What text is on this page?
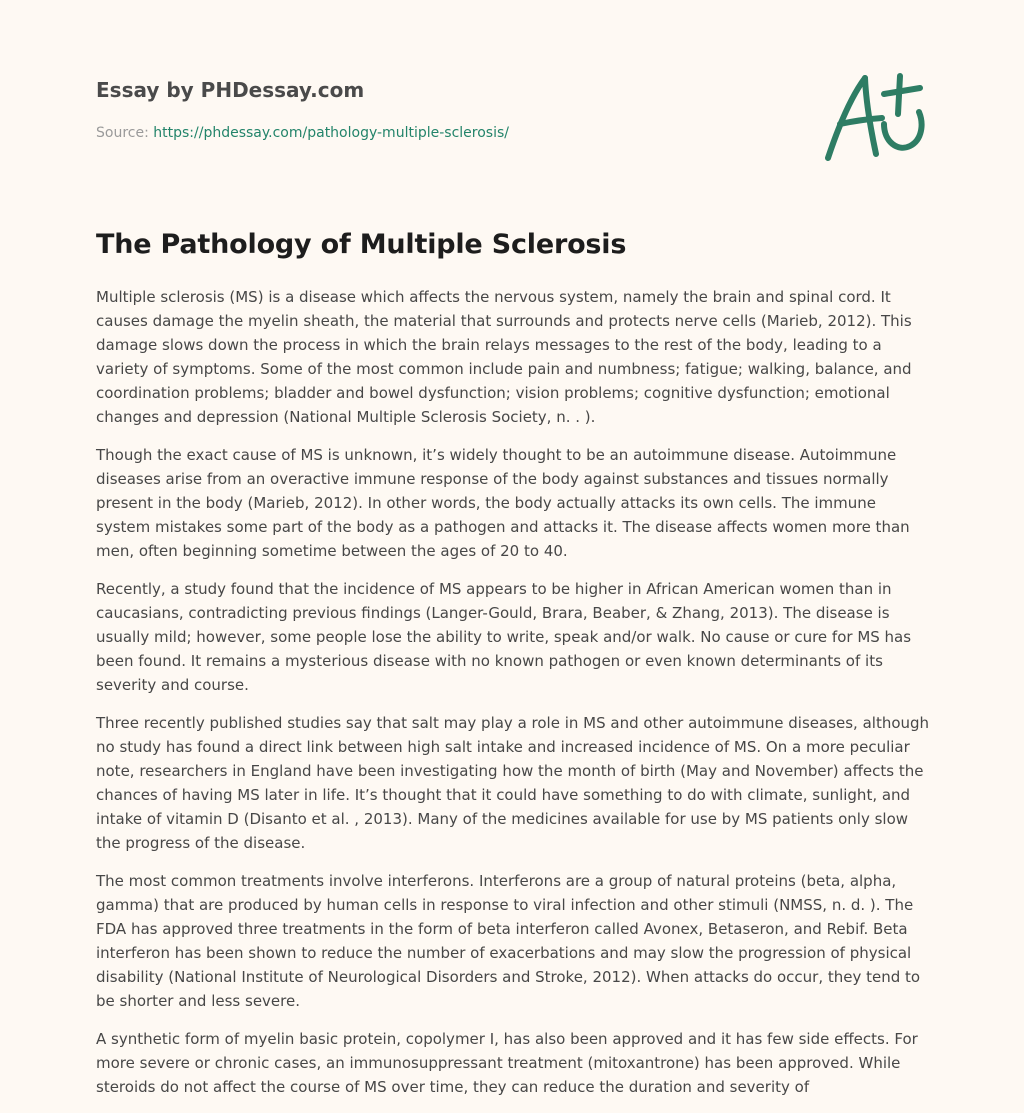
Essay by PHDessay.com
Source: https://phdessay.com/pathology-multiple-sclerosis/
The Pathology of Multiple Sclerosis

Multiple sclerosis (MS) is a disease which affects the nervous system, namely the brain and spinal cord. It causes damage the myelin sheath, the material that surrounds and protects nerve cells (Marieb, 2012). This damage slows down the process in which the brain relays messages to the rest of the body, leading to a variety of symptoms. Some of the most common include pain and numbness; fatigue; walking, balance, and coordination problems; bladder and bowel dysfunction; vision problems; cognitive dysfunction; emotional changes and depression (National Multiple Sclerosis Society, n. . ).

Though the exact cause of MS is unknown, it’s widely thought to be an autoimmune disease. Autoimmune diseases arise from an overactive immune response of the body against substances and tissues normally present in the body (Marieb, 2012). In other words, the body actually attacks its own cells. The immune system mistakes some part of the body as a pathogen and attacks it. The disease affects women more than men, often beginning sometime between the ages of 20 to 40.

Recently, a study found that the incidence of MS appears to be higher in African American women than in caucasians, contradicting previous findings (Langer-Gould, Brara, Beaber, & Zhang, 2013). The disease is usually mild; however, some people lose the ability to write, speak and/or walk. No cause or cure for MS has been found. It remains a mysterious disease with no known pathogen or even known determinants of its severity and course.

Three recently published studies say that salt may play a role in MS and other autoimmune diseases, although no study has found a direct link between high salt intake and increased incidence of MS. On a more peculiar note, researchers in England have been investigating how the month of birth (May and November) affects the chances of having MS later in life. It’s thought that it could have something to do with climate, sunlight, and intake of vitamin D (Disanto et al. , 2013). Many of the medicines available for use by MS patients only slow the progress of the disease.

The most common treatments involve interferons. Interferons are a group of natural proteins (beta, alpha, gamma) that are produced by human cells in response to viral infection and other stimuli (NMSS, n. d. ). The FDA has approved three treatments in the form of beta interferon called Avonex, Betaseron, and Rebif. Beta interferon has been shown to reduce the number of exacerbations and may slow the progression of physical disability (National Institute of Neurological Disorders and Stroke, 2012). When attacks do occur, they tend to be shorter and less severe.

A synthetic form of myelin basic protein, copolymer I, has also been approved and it has few side effects. For more severe or chronic cases, an immunosuppressant treatment (mitoxantrone) has been approved. While steroids do not affect the course of MS over time, they can reduce the duration and severity of
